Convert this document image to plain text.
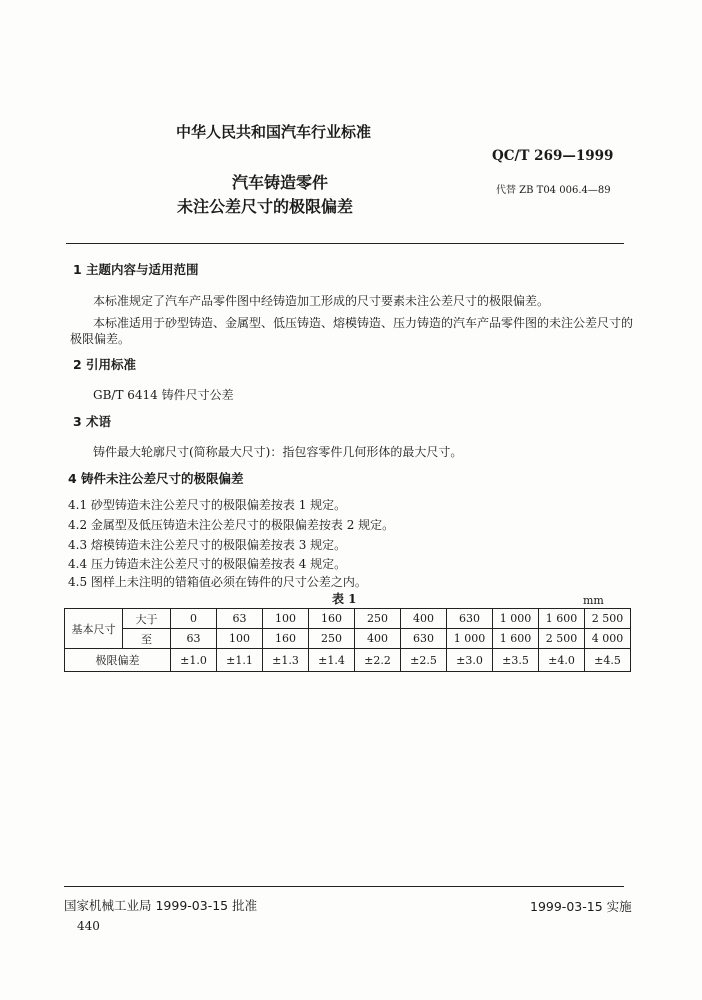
中华人民共和国汽车行业标准
QC/T 269—1999
汽车铸造零件
未注公差尺寸的极限偏差
代替 ZB T04 006.4—89
1 主题内容与适用范围
本标准规定了汽车产品零件图中经铸造加工形成的尺寸要素未注公差尺寸的极限偏差。
本标准适用于砂型铸造、金属型、低压铸造、熔模铸造、压力铸造的汽车产品零件图的未注公差尺寸的
极限偏差。
2 引用标准
GB/T 6414 铸件尺寸公差
3 术语
铸件最大轮廓尺寸(简称最大尺寸)：指包容零件几何形体的最大尺寸。
4 铸件未注公差尺寸的极限偏差
4.1 砂型铸造未注公差尺寸的极限偏差按表 1 规定。
4.2 金属型及低压铸造未注公差尺寸的极限偏差按表 2 规定。
4.3 熔模铸造未注公差尺寸的极限偏差按表 3 规定。
4.4 压力铸造未注公差尺寸的极限偏差按表 4 规定。
4.5 图样上未注明的错箱值必须在铸件的尺寸公差之内。
表 1	mm
基本尺寸	大于	0	63	100	160	250	400	630	1 000	1 600	2 500
	至	63	100	160	250	400	630	1 000	1 600	2 500	4 000
极限偏差		±1.0	±1.1	±1.3	±1.4	±2.2	±2.5	±3.0	±3.5	±4.0	±4.5
国家机械工业局 1999-03-15 批准	1999-03-15 实施
440
